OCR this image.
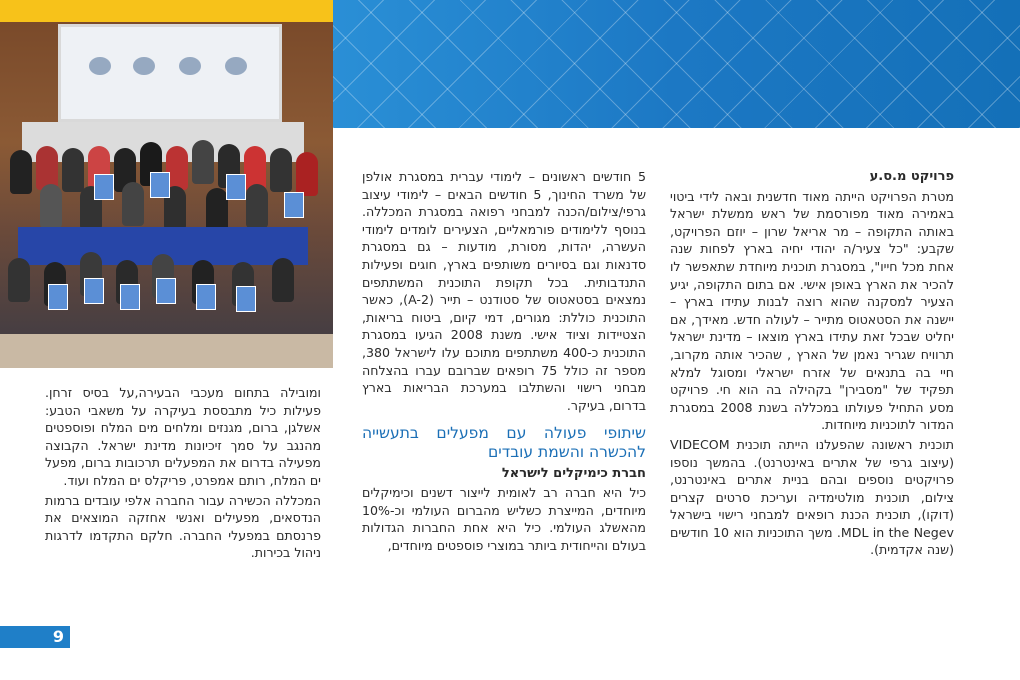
פרויקט מ.ס.ע

מטרת הפרויקט הייתה מאוד חדשנית ובאה לידי ביטוי באמירה מאוד מפורסמת של ראש ממשלת ישראל באותה התקופה – מר אריאל שרון – יוזם הפרויקט, שקבע: "כל צעיר/ה יהודי יחיה בארץ לפחות שנה אחת מכל חייו", במסגרת תוכנית מיוחדת שתאפשר לו להכיר את הארץ באופן אישי. אם בתום התקופה, יגיע הצעיר למסקנה שהוא רוצה לבנות עתידו בארץ – יישנה את הסטאטוס מתייר – לעולה חדש. מאידך, אם יחליט שבכל זאת עתידו בארץ מוצאו – מדינת ישראל תרוויח שגריר נאמן של הארץ , שהכיר אותה מקרוב, חיי בה בתנאים של אזרח ישראלי ומסוגל למלא תפקיד של "מסבירן" בקהילה בה הוא חי. פרויקט מסע התחיל פעולתו במכללה בשנת 2008 במסגרת המדור לתוכניות מיוחדות.

תוכנית ראשונה שהפעלנו הייתה תוכנית VIDECOM (עיצוב גרפי של אתרים באינטרנט). בהמשך נוספו פרויקטים נוספים ובהם בניית אתרים באינטרנט, צילום, תוכנית מולטימדיה ועריכת סרטים קצרים (דוקו), תוכנית הכנת רופאים למבחני רישוי בישראל MDL in the Negev. משך התוכניות הוא 10 חודשים (שנה אקדמית).

5 חודשים ראשונים – לימודי עברית במסגרת אולפן של משרד החינוך, 5 חודשים הבאים – לימודי עיצוב גרפי/צילום/הכנה למבחני רפואה במסגרת המכללה. בנוסף ללימודים פורמאליים, הצעירים לומדים לימודי העשרה, יהדות, מסורת, מודעות – גם במסגרת סדנאות וגם בסיורים משותפים בארץ, חוגים ופעילות התנדבותית. בכל תקופת התוכנית המשתתפים נמצאים בסטאטוס של סטודנט – תייר (A-2), כאשר התוכנית כוללת: מגורים, דמי קיום, ביטוח בריאות, הצטיידות וציוד אישי. משנת 2008 הגיעו במסגרת התוכנית כ-400 משתתפים מתוכם עלו לישראל 380, מספר זה כולל 75 רופאים שברובם עברו בהצלחה מבחני רישוי והשתלבו במערכת הבריאות בארץ בדרום, בעיקר.

שיתופי פעולה עם מפעלים בתעשייה להכשרה והשמת עובדים
חברת כימיקלים לישראל

כיל היא חברה רב לאומית לייצור דשנים וכימיקלים מיוחדים, המייצרת כשליש מהברום העולמי וכ-10% מהאשלג העולמי. כיל היא אחת החברות הגדולות בעולם והייחודית ביותר במוצרי פוספטים מיוחדים,

ומובילה בתחום מעכבי הבעירה,על בסיס זרחן. פעילות כיל מתבססת בעיקרה על משאבי הטבע: אשלגן, ברום, מגנזים ומלחים מים המלח ופוספטים מהנגב על סמך זיכיונות מדינת ישראל. הקבוצה מפעילה בדרום את המפעלים תרכובות ברום, מפעל ים המלח, רותם אמפרט, פריקלס ים המלח ועוד.

המכללה הכשירה עבור החברה אלפי עובדים ברמות הנדסאים, מפעילים ואנשי אחזקה המוצאים את פרנסתם במפעלי החברה. חלקם התקדמו לדרגות ניהול בכירות.

9
